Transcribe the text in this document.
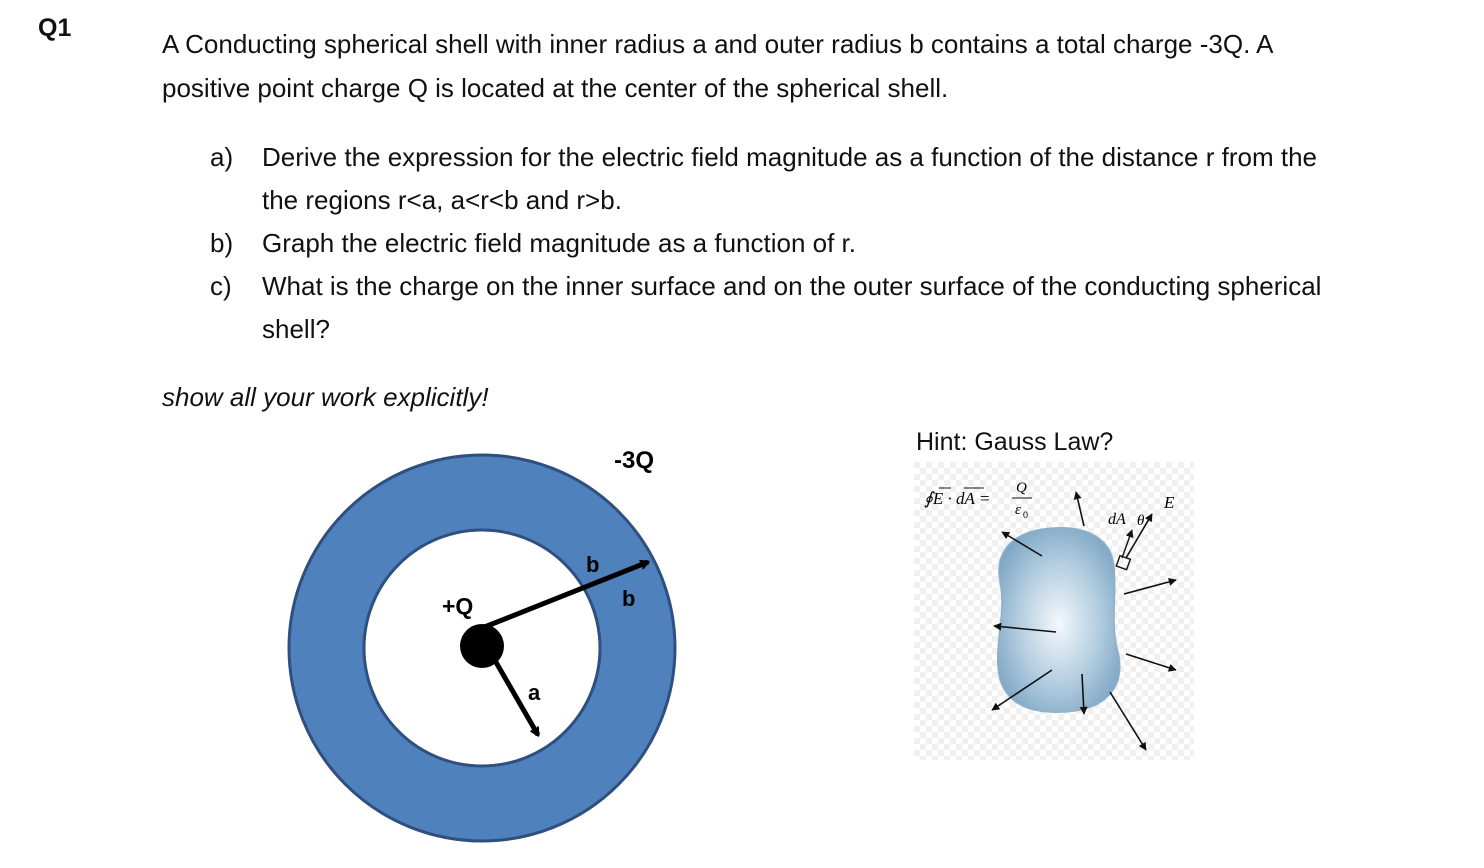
Q1
A Conducting spherical shell with inner radius a and outer radius b contains a total charge -3Q. A
positive point charge Q is located at the center of the spherical shell.
a)	Derive the expression for the electric field magnitude as a function of the distance r from the
the regions r<a, a<r<b and r>b.
b)	Graph the electric field magnitude as a function of r.
c)	What is the charge on the inner surface and on the outer surface of the conducting spherical
shell?
show all your work explicitly!
Hint: Gauss Law?
+Q
-3Q
b
b
a
dA θ
E
∮E · dA =
Q
ε 0
